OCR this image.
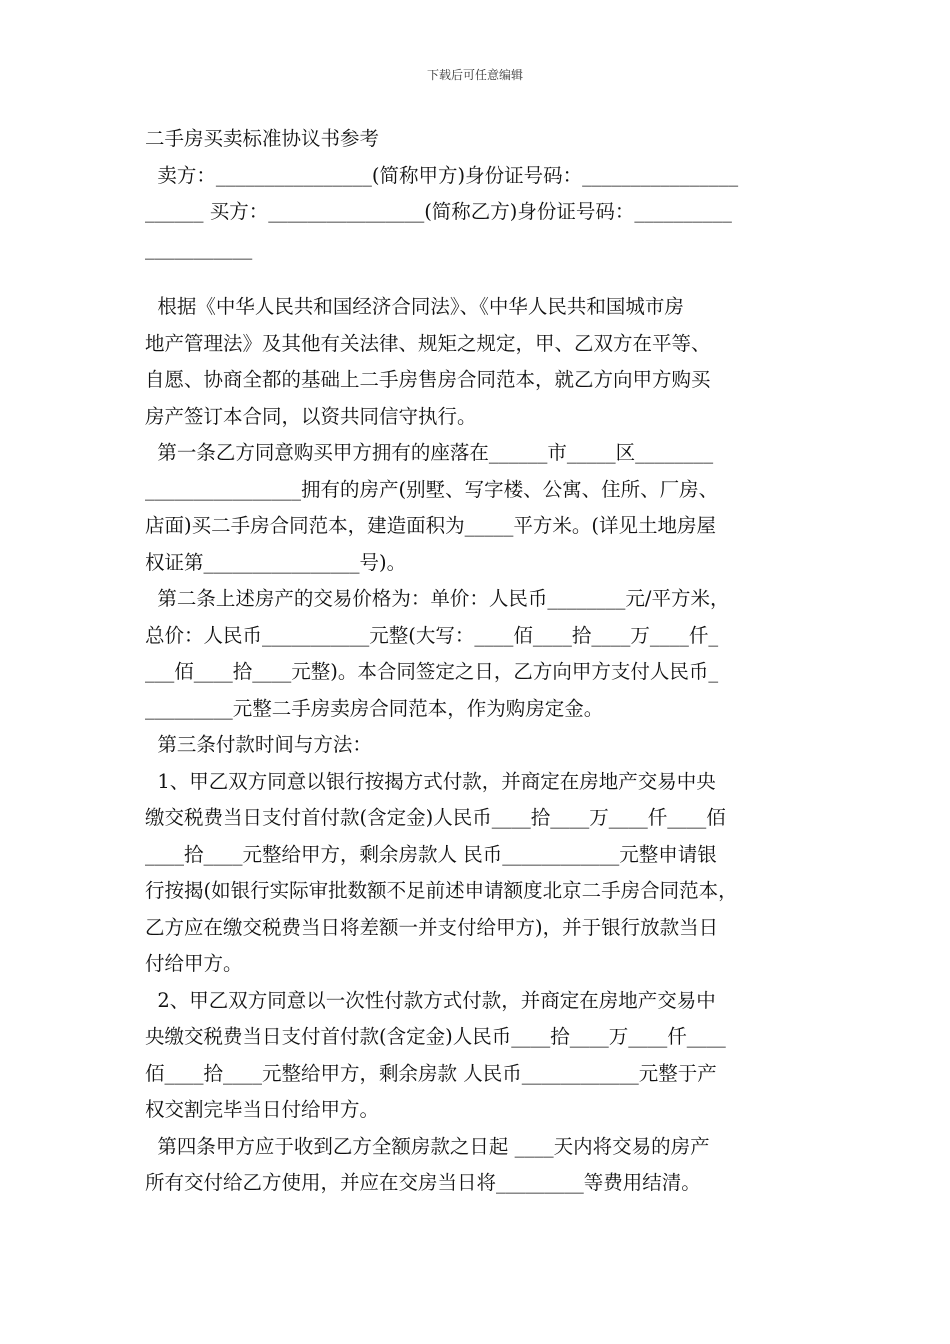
下载后可任意编辑
二手房买卖标准协议书参考
卖方：________________(简称甲方)身份证号码：________________
______ 买方：________________(简称乙方)身份证号码：__________
___________
根据《中华人民共和国经济合同法》、《中华人民共和国城市房
地产管理法》及其他有关法律、规矩之规定，甲、乙双方在平等、
自愿、协商全都的基础上二手房售房合同范本，就乙方向甲方购买
房产签订本合同，以资共同信守执行。
第一条乙方同意购买甲方拥有的座落在______市_____区________
________________拥有的房产(别墅、写字楼、公寓、住所、厂房、
店面)买二手房合同范本，建造面积为_____平方米。(详见土地房屋
权证第________________号)。
第二条上述房产的交易价格为：单价：人民币________元/平方米，
总价：人民币___________元整(大写：____佰____拾____万____仟_
___佰____拾____元整)。本合同签定之日，乙方向甲方支付人民币_
_________元整二手房卖房合同范本，作为购房定金。
第三条付款时间与方法：
1、甲乙双方同意以银行按揭方式付款，并商定在房地产交易中央
缴交税费当日支付首付款(含定金)人民币____拾____万____仟____佰
____拾____元整给甲方，剩余房款人 民币____________元整申请银
行按揭(如银行实际审批数额不足前述申请额度北京二手房合同范本，
乙方应在缴交税费当日将差额一并支付给甲方)，并于银行放款当日
付给甲方。
2、甲乙双方同意以一次性付款方式付款，并商定在房地产交易中
央缴交税费当日支付首付款(含定金)人民币____拾____万____仟____
佰____拾____元整给甲方，剩余房款 人民币____________元整于产
权交割完毕当日付给甲方。
第四条甲方应于收到乙方全额房款之日起 ____天内将交易的房产
所有交付给乙方使用，并应在交房当日将_________等费用结清。
